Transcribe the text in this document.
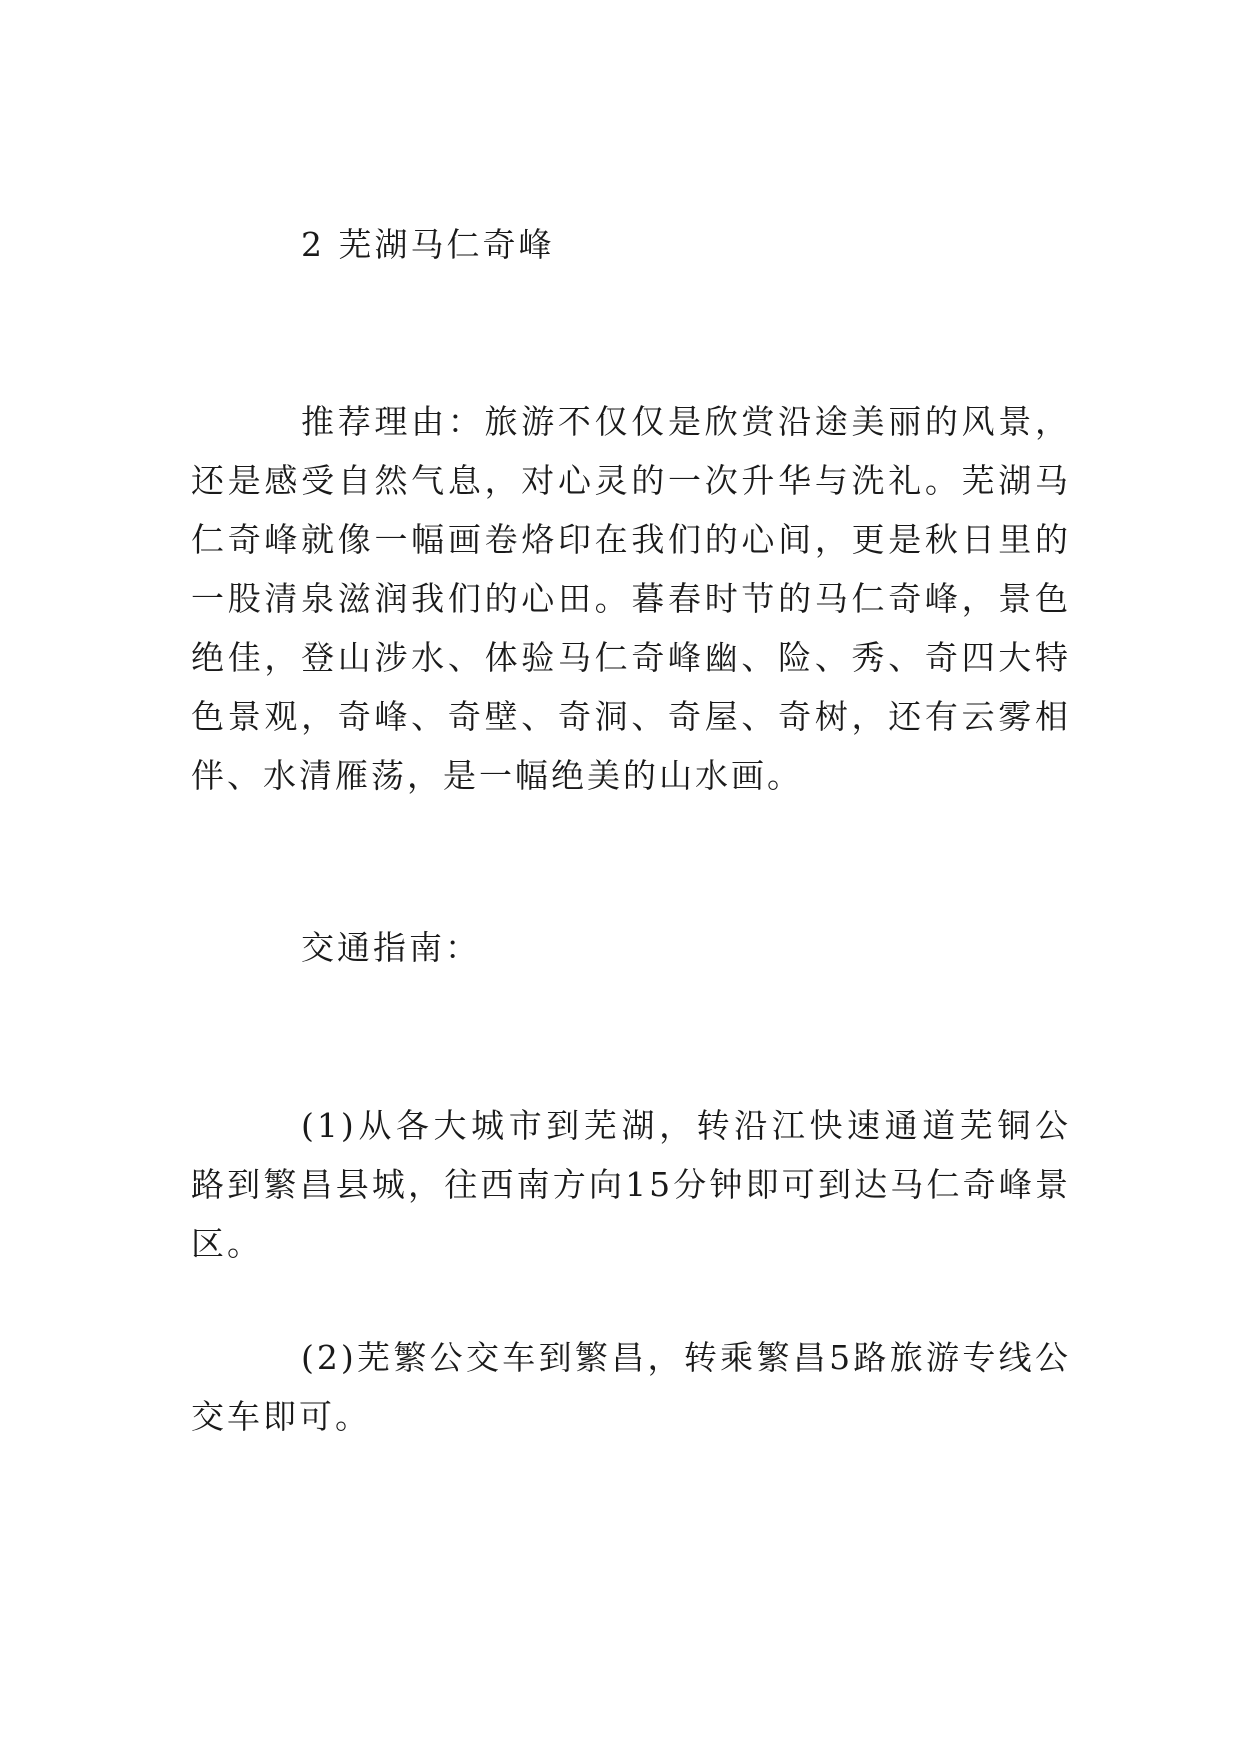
2 芜湖马仁奇峰

推荐理由：旅游不仅仅是欣赏沿途美丽的风景，还是感受自然气息，对心灵的一次升华与洗礼。芜湖马仁奇峰就像一幅画卷烙印在我们的心间，更是秋日里的一股清泉滋润我们的心田。暮春时节的马仁奇峰，景色绝佳，登山涉水、体验马仁奇峰幽、险、秀、奇四大特色景观，奇峰、奇壁、奇洞、奇屋、奇树，还有云雾相伴、水清雁荡，是一幅绝美的山水画。

交通指南：

(1)从各大城市到芜湖，转沿江快速通道芜铜公路到繁昌县城，往西南方向15分钟即可到达马仁奇峰景区。

(2)芜繁公交车到繁昌，转乘繁昌5路旅游专线公交车即可。
